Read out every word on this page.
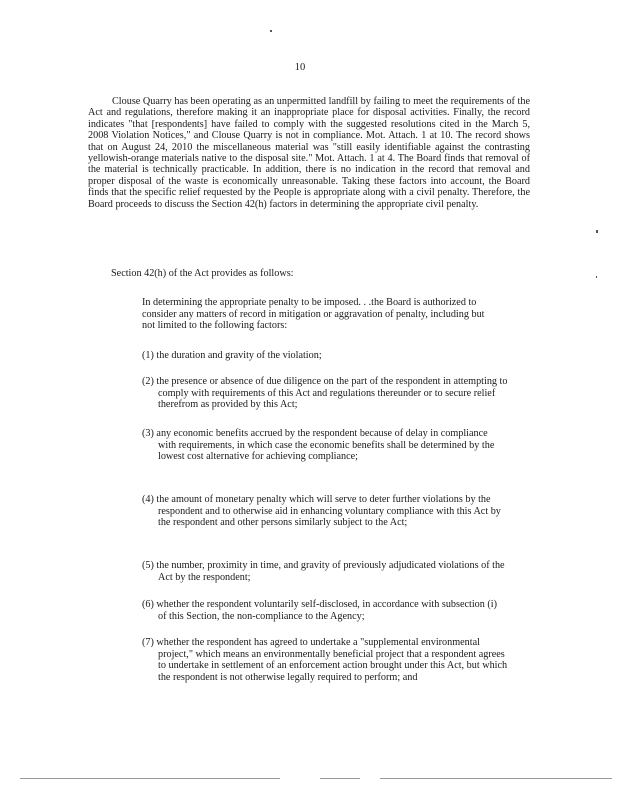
10

Clouse Quarry has been operating as an unpermitted landfill by failing to meet the requirements of the Act and regulations, therefore making it an inappropriate place for disposal activities. Finally, the record indicates "that [respondents] have failed to comply with the suggested resolutions cited in the March 5, 2008 Violation Notices," and Clouse Quarry is not in compliance. Mot. Attach. 1 at 10. The record shows that on August 24, 2010 the miscellaneous material was "still easily identifiable against the contrasting yellowish-orange materials native to the disposal site." Mot. Attach. 1 at 4. The Board finds that removal of the material is technically practicable. In addition, there is no indication in the record that removal and proper disposal of the waste is economically unreasonable. Taking these factors into account, the Board finds that the specific relief requested by the People is appropriate along with a civil penalty. Therefore, the Board proceeds to discuss the Section 42(h) factors in determining the appropriate civil penalty.

Section 42(h) of the Act provides as follows:

In determining the appropriate penalty to be imposed. . .the Board is authorized to consider any matters of record in mitigation or aggravation of penalty, including but not limited to the following factors:

(1) the duration and gravity of the violation;

(2) the presence or absence of due diligence on the part of the respondent in attempting to comply with requirements of this Act and regulations thereunder or to secure relief therefrom as provided by this Act;

(3) any economic benefits accrued by the respondent because of delay in compliance with requirements, in which case the economic benefits shall be determined by the lowest cost alternative for achieving compliance;

(4) the amount of monetary penalty which will serve to deter further violations by the respondent and to otherwise aid in enhancing voluntary compliance with this Act by the respondent and other persons similarly subject to the Act;

(5) the number, proximity in time, and gravity of previously adjudicated violations of the Act by the respondent;

(6) whether the respondent voluntarily self-disclosed, in accordance with subsection (i) of this Section, the non-compliance to the Agency;

(7) whether the respondent has agreed to undertake a "supplemental environmental project," which means an environmentally beneficial project that a respondent agrees to undertake in settlement of an enforcement action brought under this Act, but which the respondent is not otherwise legally required to perform; and
